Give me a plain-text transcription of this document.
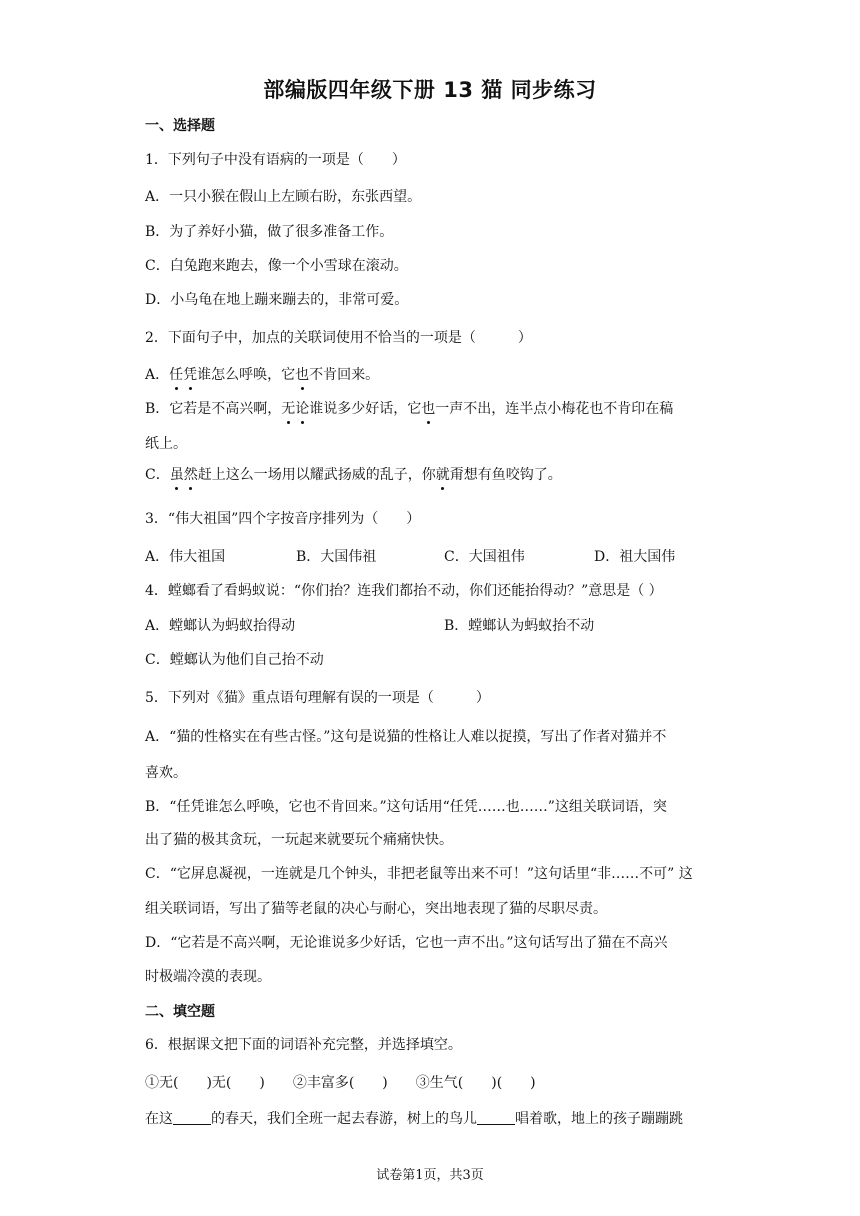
部编版四年级下册 13 猫 同步练习
一、选择题
1．下列句子中没有语病的一项是（　　）
A．一只小猴在假山上左顾右盼，东张西望。
B．为了养好小猫，做了很多准备工作。
C．白兔跑来跑去，像一个小雪球在滚动。
D．小乌龟在地上蹦来蹦去的，非常可爱。
2．下面句子中，加点的关联词使用不恰当的一项是（　　　）
A．任凭谁怎么呼唤，它也不肯回来。
B．它若是不高兴啊，无论谁说多少好话，它也一声不出，连半点小梅花也不肯印在稿
纸上。
C．虽然赶上这么一场用以耀武扬威的乱子，你就甭想有鱼咬钩了。
3．“伟大祖国”四个字按音序排列为（　　）
A．伟大祖国	B．大国伟祖	C．大国祖伟	D．祖大国伟
4．螳螂看了看蚂蚁说：“你们抬？连我们都抬不动，你们还能抬得动？”意思是（ ）
A．螳螂认为蚂蚁抬得动	B．螳螂认为蚂蚁抬不动
C．螳螂认为他们自己抬不动
5．下列对《猫》重点语句理解有误的一项是（　　　）
A．“猫的性格实在有些古怪。”这句是说猫的性格让人难以捉摸，写出了作者对猫并不
喜欢。
B．“任凭谁怎么呼唤，它也不肯回来。”这句话用“任凭……也……”这组关联词语，突
出了猫的极其贪玩，一玩起来就要玩个痛痛快快。
C．“它屏息凝视，一连就是几个钟头，非把老鼠等出来不可！”这句话里“非……不可” 这
组关联词语，写出了猫等老鼠的决心与耐心，突出地表现了猫的尽职尽责。
D．“它若是不高兴啊，无论谁说多少好话，它也一声不出。”这句话写出了猫在不高兴
时极端冷漠的表现。
二、填空题
6．根据课文把下面的词语补充完整，并选择填空。
①无(　　)无(　　)　　②丰富多(　　)　　③生气(　　)(　　)
在这	的春天，我们全班一起去春游，树上的鸟儿	唱着歌，地上的孩子蹦蹦跳
试卷第1页，共3页
